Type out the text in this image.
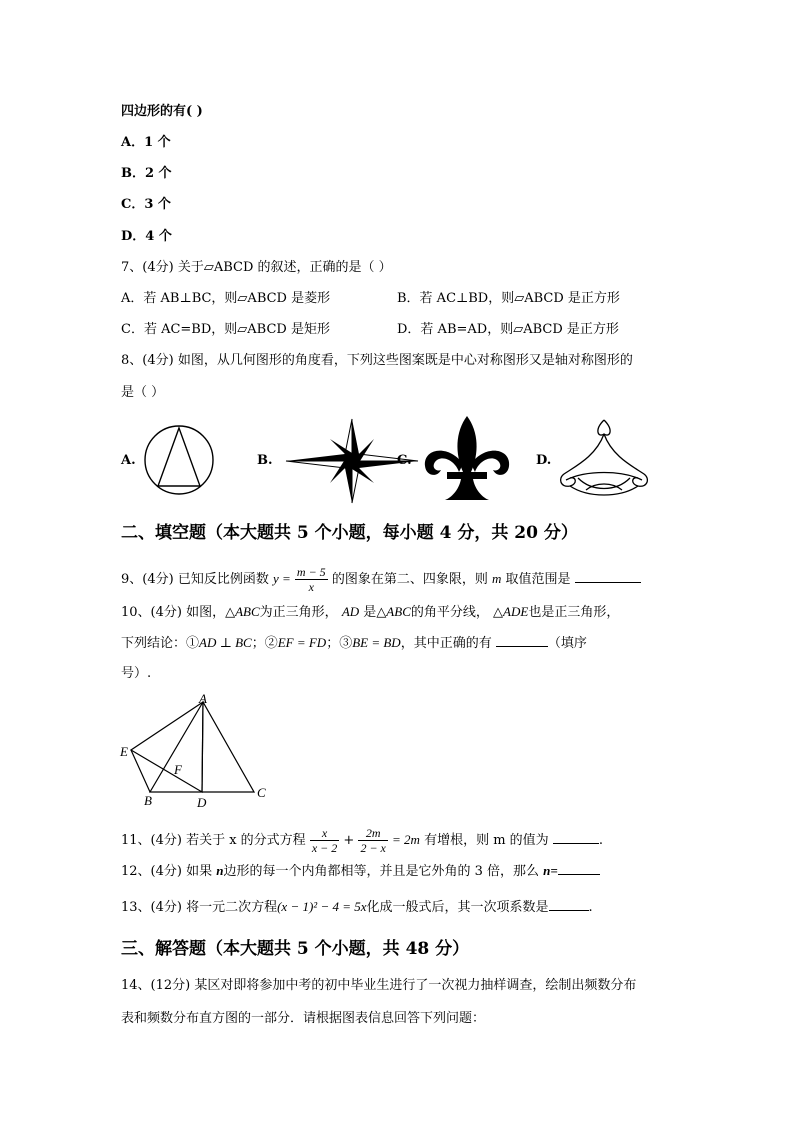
四边形的有( )
A．1 个
B．2 个
C．3 个
D．4 个
7、(4分) 关于▱ABCD 的叙述，正确的是（ ）
A．若 AB⊥BC，则▱ABCD 是菱形	B．若 AC⊥BD，则▱ABCD 是正方形
C．若 AC=BD，则▱ABCD 是矩形	D．若 AB=AD，则▱ABCD 是正方形
8、(4分) 如图，从几何图形的角度看，下列这些图案既是中心对称图形又是轴对称图形的
是（ ）
A.	B.	C.	D.
二、填空题（本大题共 5 个小题，每小题 4 分，共 20 分）
9、(4分) 已知反比例函数 $y = \frac{m - 5}{x}$ 的图象在第二、四象限，则 m 取值范围是
10、(4分) 如图，△ABC为正三角形， AD 是△ABC的角平分线， △ADE也是正三角形，
下列结论：①AD ⊥ BC；②EF = FD；③BE = BD，其中正确的有	（填序
号）.
A
B
C
D
E
F
11、(4分) 若关于 x 的分式方程 $\frac{x}{x - 2} + \frac{2m}{2 - x} = 2m$ 有增根，则 m 的值为	.
12、(4分) 如果 n边形的每一个内角都相等，并且是它外角的 3 倍，那么 n=
13、(4分) 将一元二次方程(x − 1)² − 4 = 5x化成一般式后，其一次项系数是	.
三、解答题（本大题共 5 个小题，共 48 分）
14、(12分) 某区对即将参加中考的初中毕业生进行了一次视力抽样调查，绘制出频数分布
表和频数分布直方图的一部分．请根据图表信息回答下列问题：
